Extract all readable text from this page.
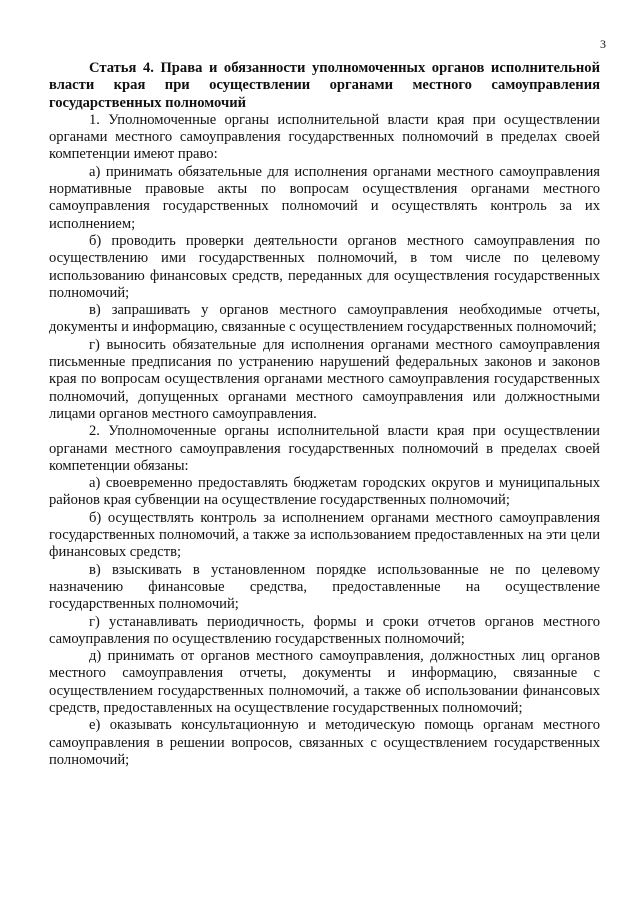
3

Статья 4. Права и обязанности уполномоченных органов исполнительной власти края при осуществлении органами местного самоуправления государственных полномочий

1. Уполномоченные органы исполнительной власти края при осуществлении органами местного самоуправления государственных полномочий в пределах своей компетенции имеют право:

а) принимать обязательные для исполнения органами местного самоуправления нормативные правовые акты по вопросам осуществления органами местного самоуправления государственных полномочий и осуществлять контроль за их исполнением;

б) проводить проверки деятельности органов местного самоуправления по осуществлению ими государственных полномочий, в том числе по целевому использованию финансовых средств, переданных для осуществления государственных полномочий;

в) запрашивать у органов местного самоуправления необходимые отчеты, документы и информацию, связанные с осуществлением государственных полномочий;

г) выносить обязательные для исполнения органами местного самоуправления письменные предписания по устранению нарушений федеральных законов и законов края по вопросам осуществления органами местного самоуправления государственных полномочий, допущенных органами местного самоуправления или должностными лицами органов местного самоуправления.

2. Уполномоченные органы исполнительной власти края при осуществлении органами местного самоуправления государственных полномочий в пределах своей компетенции обязаны:

а) своевременно предоставлять бюджетам городских округов и муниципальных районов края субвенции на осуществление государственных полномочий;

б) осуществлять контроль за исполнением органами местного самоуправления государственных полномочий, а также за использованием предоставленных на эти цели финансовых средств;

в) взыскивать в установленном порядке использованные не по целевому назначению финансовые средства, предоставленные на осуществление государственных полномочий;

г) устанавливать периодичность, формы и сроки отчетов органов местного самоуправления по осуществлению государственных полномочий;

д) принимать от органов местного самоуправления, должностных лиц органов местного самоуправления отчеты, документы и информацию, связанные с осуществлением государственных полномочий, а также об использовании финансовых средств, предоставленных на осуществление государственных полномочий;

е) оказывать консультационную и методическую помощь органам местного самоуправления в решении вопросов, связанных с осуществлением государственных полномочий;
